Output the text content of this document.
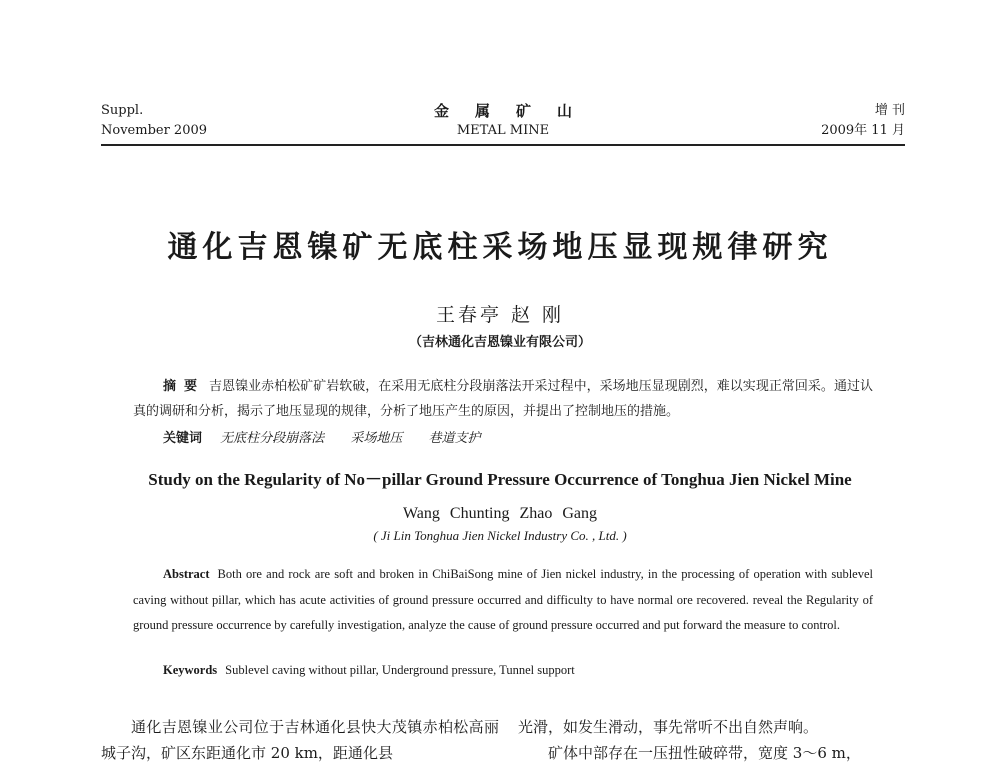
Suppl.
November 2009
金属矿山
METAL MINE
增 刊
2009年 11 月
通化吉恩镍矿无底柱采场地压显现规律研究
王春亭 赵 刚
（吉林通化吉恩镍业有限公司）
摘要 吉恩镍业赤柏松矿矿岩软破，在采用无底柱分段崩落法开采过程中，采场地压显现剧烈，难以实现正常回采。通过认真的调研和分析，揭示了地压显现的规律，分析了地压产生的原因，并提出了控制地压的措施。
关键词 无底柱分段崩落法 采场地压 巷道支护
Study on the Regularity of No－pillar Ground Pressure Occurrence of Tonghua Jien Nickel Mine
Wang Chunting Zhao Gang
( Ji Lin Tonghua Jien Nickel Industry Co. , Ltd. )
Abstract Both ore and rock are soft and broken in ChiBaiSong mine of Jien nickel industry, in the processing of operation with sublevel caving without pillar, which has acute activities of ground pressure occurred and difficulty to have normal ore recovered. reveal the Regularity of ground pressure occurrence by carefully investigation, analyze the cause of ground pressure occurred and put forward the measure to control.
Keywords Sublevel caving without pillar, Underground pressure, Tunnel support

通化吉恩镍业公司位于吉林通化县快大茂镇赤柏松高丽城子沟，矿区东距通化市 20 km，距通化县

光滑，如发生滑动，事先常听不出自然声响。

矿体中部存在一压扭性破碎带，宽度 3～6 m，
